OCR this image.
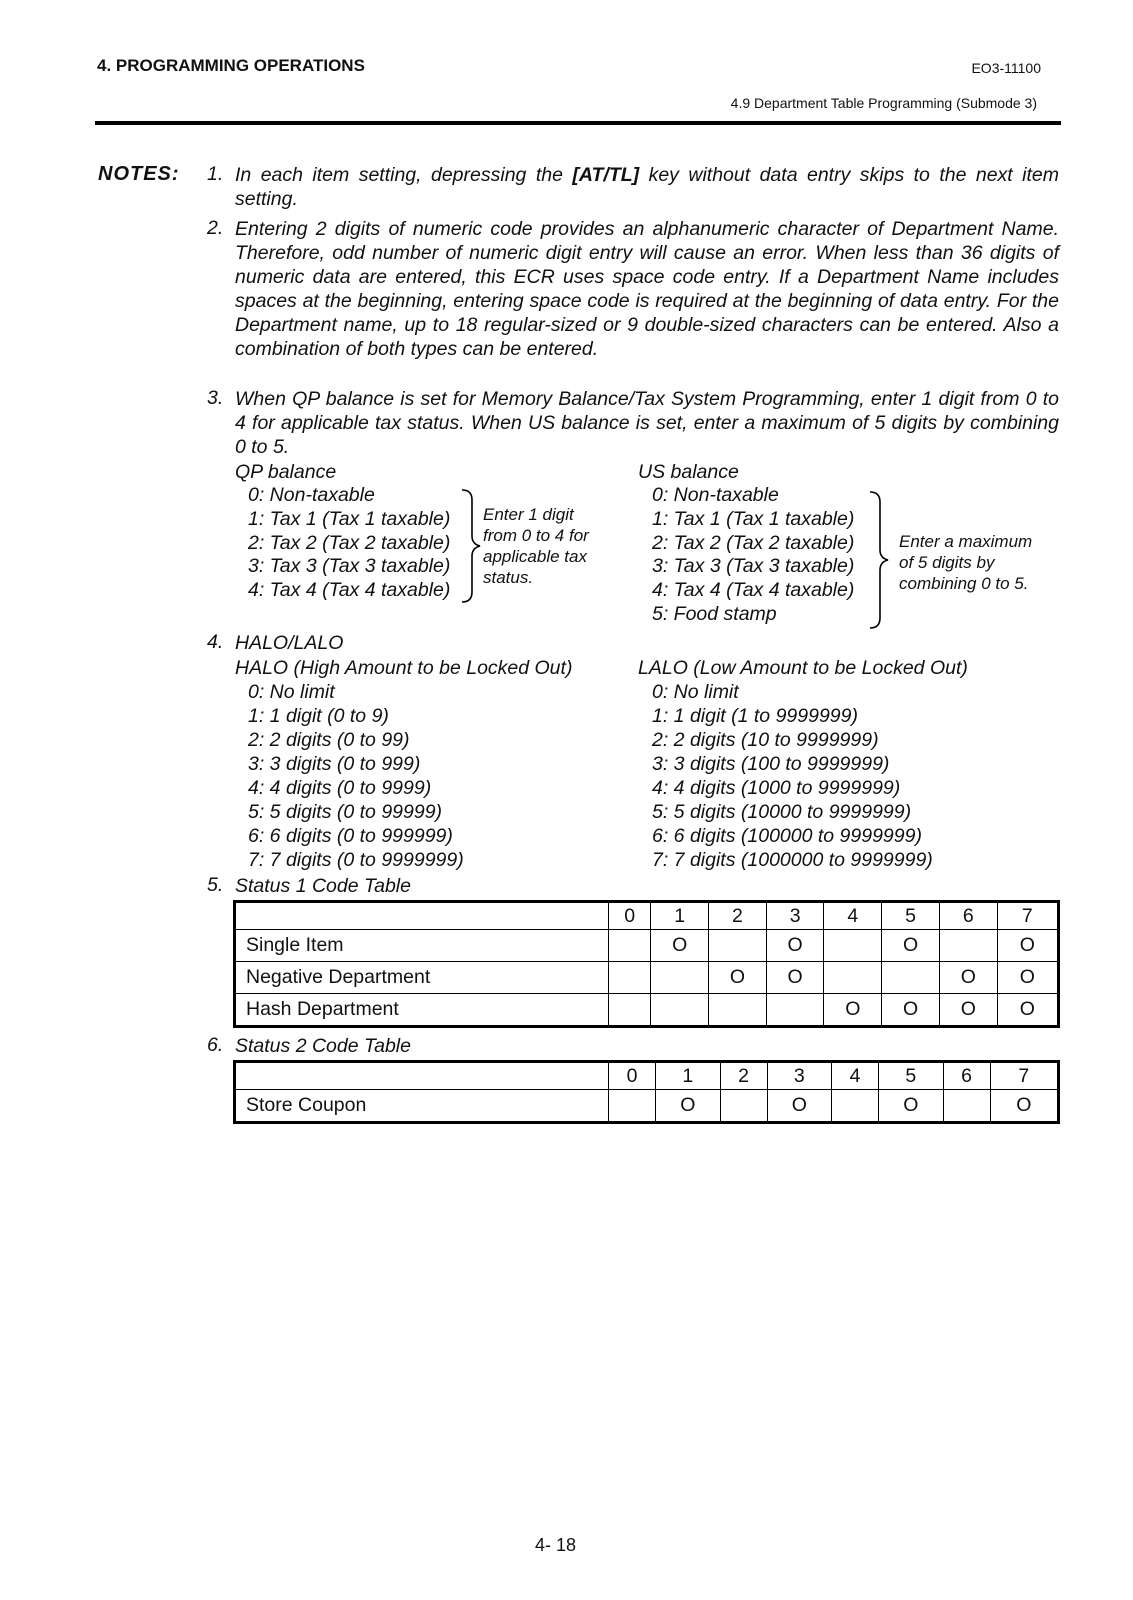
4. PROGRAMMING OPERATIONS	EO3-11100
4.9 Department Table Programming (Submode 3)
NOTES: 1. In each item setting, depressing the [AT/TL] key without data entry skips to the next item setting.
2. Entering 2 digits of numeric code provides an alphanumeric character of Department Name. Therefore, odd number of numeric digit entry will cause an error. When less than 36 digits of numeric data are entered, this ECR uses space code entry. If a Department Name includes spaces at the beginning, entering space code is required at the beginning of data entry. For the Department name, up to 18 regular-sized or 9 double-sized characters can be entered. Also a combination of both types can be entered.
3. When QP balance is set for Memory Balance/Tax System Programming, enter 1 digit from 0 to 4 for applicable tax status. When US balance is set, enter a maximum of 5 digits by combining 0 to 5.
QP balance
0: Non-taxable
1: Tax 1 (Tax 1 taxable)
2: Tax 2 (Tax 2 taxable)
3: Tax 3 (Tax 3 taxable)
4: Tax 4 (Tax 4 taxable)
Enter 1 digit
from 0 to 4 for
applicable tax
status.
US balance
0: Non-taxable
1: Tax 1 (Tax 1 taxable)
2: Tax 2 (Tax 2 taxable)
3: Tax 3 (Tax 3 taxable)
4: Tax 4 (Tax 4 taxable)
5: Food stamp
Enter a maximum
of 5 digits by
combining 0 to 5.
4. HALO/LALO
HALO (High Amount to be Locked Out)
0: No limit
1: 1 digit (0 to 9)
2: 2 digits (0 to 99)
3: 3 digits (0 to 999)
4: 4 digits (0 to 9999)
5: 5 digits (0 to 99999)
6: 6 digits (0 to 999999)
7: 7 digits (0 to 9999999)
LALO (Low Amount to be Locked Out)
0: No limit
1: 1 digit (1 to 9999999)
2: 2 digits (10 to 9999999)
3: 3 digits (100 to 9999999)
4: 4 digits (1000 to 9999999)
5: 5 digits (10000 to 9999999)
6: 6 digits (100000 to 9999999)
7: 7 digits (1000000 to 9999999)
5. Status 1 Code Table
	0	1	2	3	4	5	6	7
Single Item		O		O		O		O
Negative Department			O	O			O	O
Hash Department					O	O	O	O
6. Status 2 Code Table
	0	1	2	3	4	5	6	7
Store Coupon		O		O		O		O
4- 18
